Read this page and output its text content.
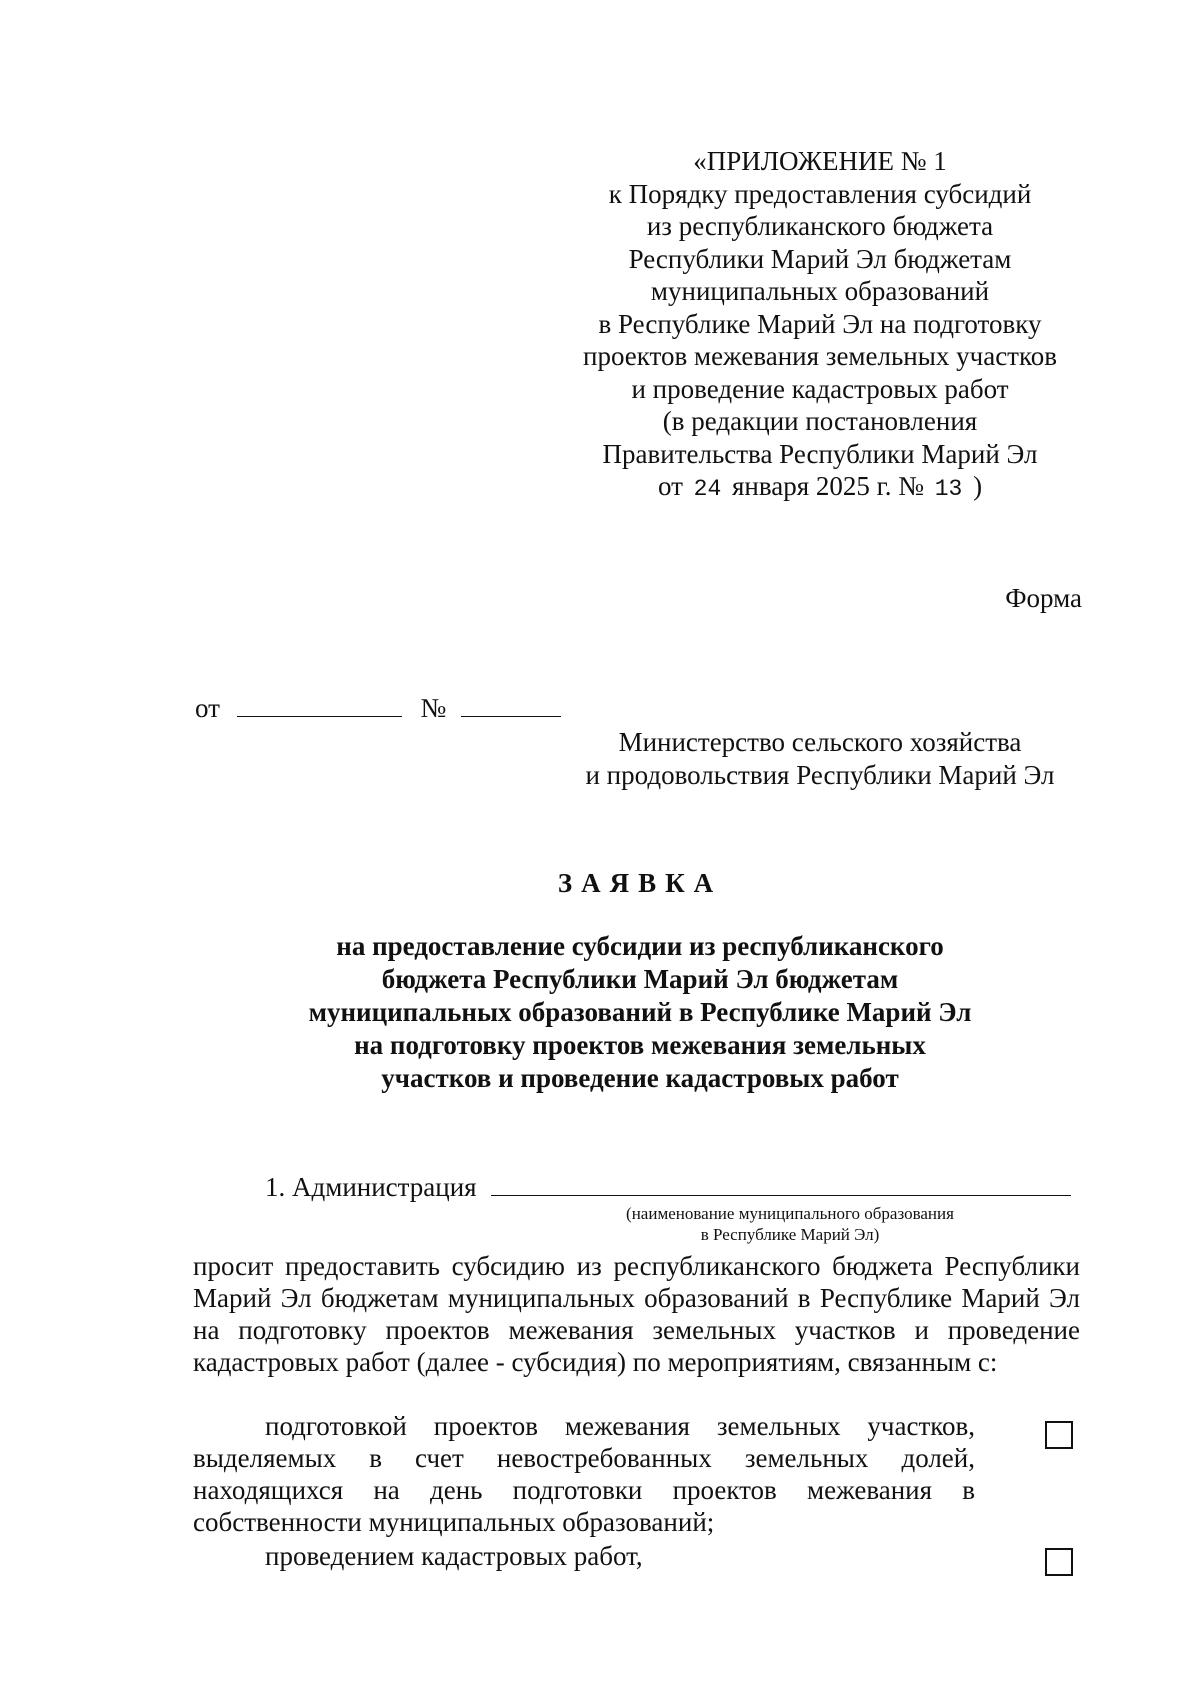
«ПРИЛОЖЕНИЕ № 1
к Порядку предоставления субсидий
из республиканского бюджета
Республики Марий Эл бюджетам
муниципальных образований
в Республике Марий Эл на подготовку
проектов межевания земельных участков
и проведение кадастровых работ
(в редакции постановления
Правительства Республики Марий Эл
от 24 января 2025 г. № 13 )
Форма
от	№
Министерство сельского хозяйства
и продовольствия Республики Марий Эл
ЗАЯВКА
на предоставление субсидии из республиканского
бюджета Республики Марий Эл бюджетам
муниципальных образований в Республике Марий Эл
на подготовку проектов межевания земельных
участков и проведение кадастровых работ
1. Администрация
(наименование муниципального образования
в Республике Марий Эл)
просит предоставить субсидию из республиканского бюджета Республики Марий Эл бюджетам муниципальных образований в Республике Марий Эл на подготовку проектов межевания земельных участков и проведение кадастровых работ (далее - субсидия) по мероприятиям, связанным с:
подготовкой проектов межевания земельных участков, выделяемых в счет невостребованных земельных долей, находящихся на день подготовки проектов межевания в собственности муниципальных образований;
проведением кадастровых работ,
